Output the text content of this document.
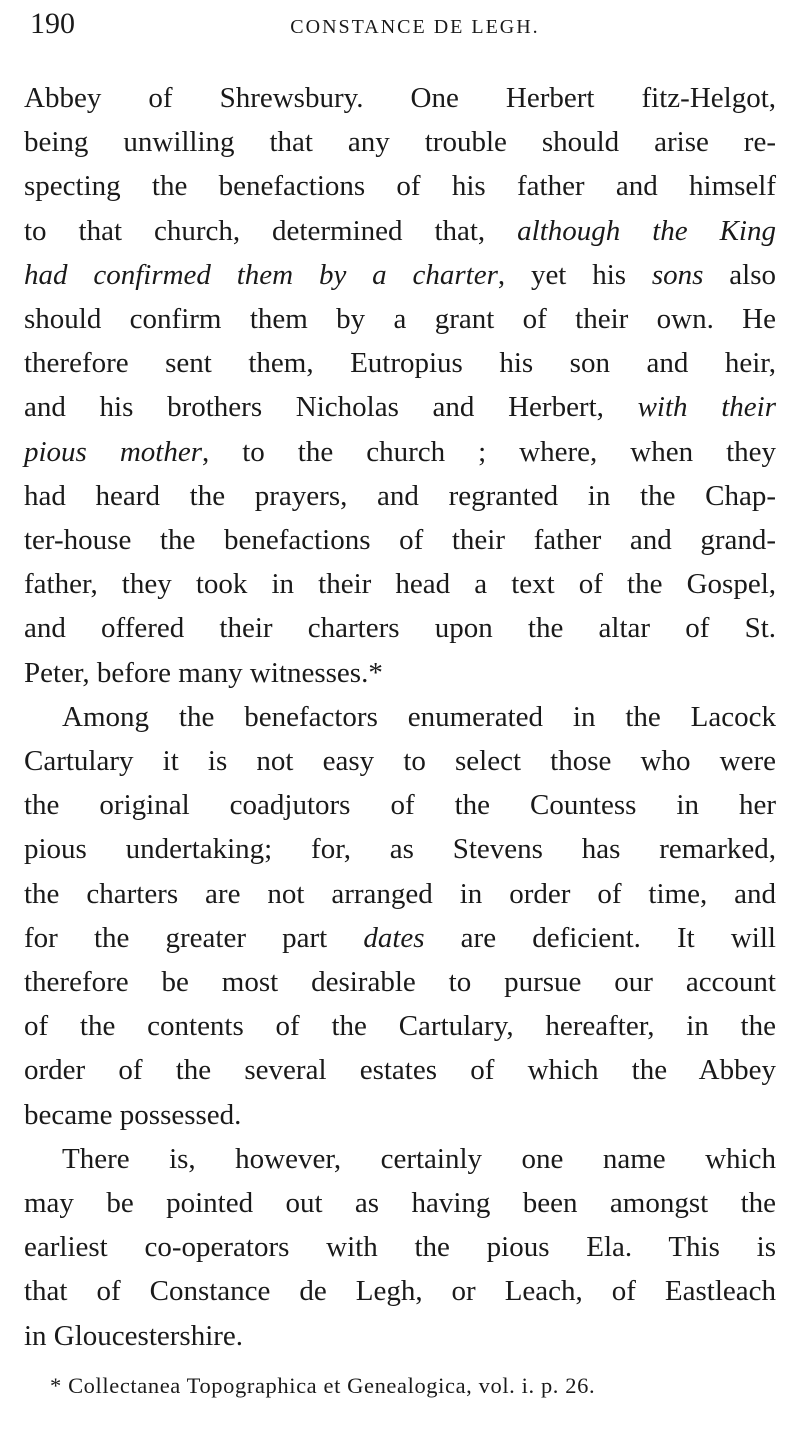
190	CONSTANCE DE LEGH.
Abbey of Shrewsbury. One Herbert fitz-Helgot,
being unwilling that any trouble should arise re-
specting the benefactions of his father and himself
to that church, determined that, although the King
had confirmed them by a charter, yet his sons also
should confirm them by a grant of their own. He
therefore sent them, Eutropius his son and heir,
and his brothers Nicholas and Herbert, with their
pious mother, to the church ; where, when they
had heard the prayers, and regranted in the Chap-
ter-house the benefactions of their father and grand-
father, they took in their head a text of the Gospel,
and offered their charters upon the altar of St.
Peter, before many witnesses.*
Among the benefactors enumerated in the Lacock
Cartulary it is not easy to select those who were
the original coadjutors of the Countess in her
pious undertaking; for, as Stevens has remarked,
the charters are not arranged in order of time, and
for the greater part dates are deficient. It will
therefore be most desirable to pursue our account
of the contents of the Cartulary, hereafter, in the
order of the several estates of which the Abbey
became possessed.
There is, however, certainly one name which
may be pointed out as having been amongst the
earliest co-operators with the pious Ela. This is
that of Constance de Legh, or Leach, of Eastleach
in Gloucestershire.
* Collectanea Topographica et Genealogica, vol. i. p. 26.
